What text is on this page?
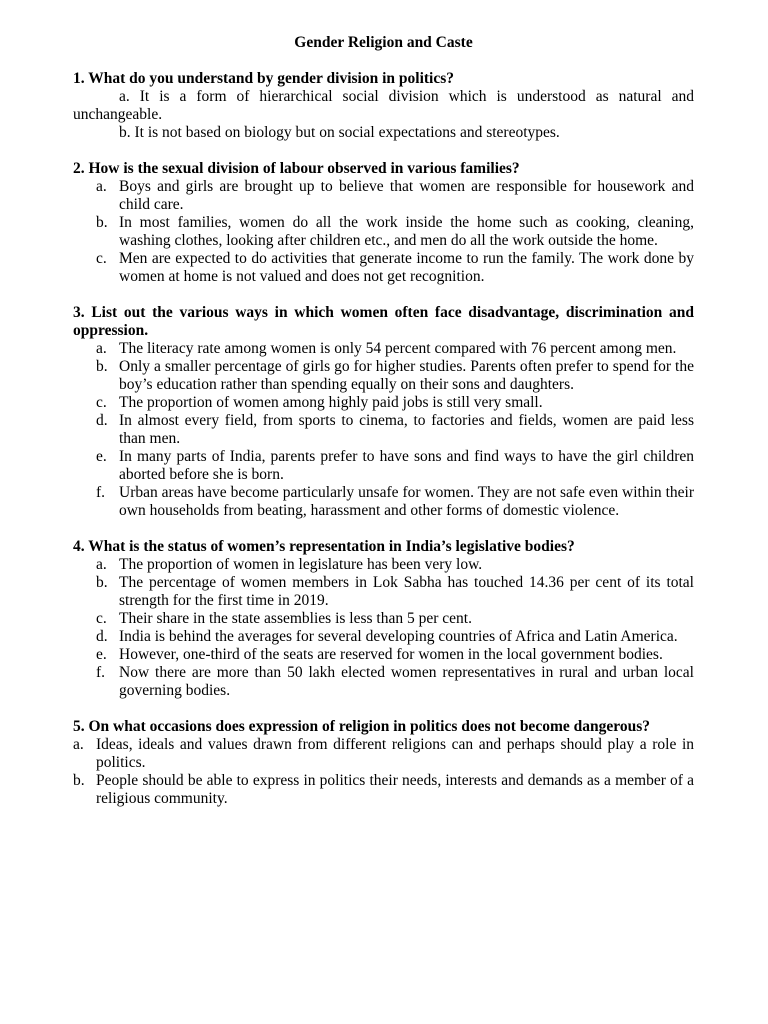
Gender Religion and Caste

1. What do you understand by gender division in politics?

a. It is a form of hierarchical social division which is understood as natural and unchangeable.

b. It is not based on biology but on social expectations and stereotypes.

2. How is the sexual division of labour observed in various families?

a. Boys and girls are brought up to believe that women are responsible for housework and child care.
b. In most families, women do all the work inside the home such as cooking, cleaning, washing clothes, looking after children etc., and men do all the work outside the home.
c. Men are expected to do activities that generate income to run the family. The work done by women at home is not valued and does not get recognition.

3. List out the various ways in which women often face disadvantage, discrimination and oppression.

a. The literacy rate among women is only 54 percent compared with 76 percent among men.
b. Only a smaller percentage of girls go for higher studies. Parents often prefer to spend for the boy’s education rather than spending equally on their sons and daughters.
c. The proportion of women among highly paid jobs is still very small.
d. In almost every field, from sports to cinema, to factories and fields, women are paid less than men.
e. In many parts of India, parents prefer to have sons and find ways to have the girl children aborted before she is born.
f. Urban areas have become particularly unsafe for women. They are not safe even within their own households from beating, harassment and other forms of domestic violence.

4. What is the status of women’s representation in India’s legislative bodies?

a. The proportion of women in legislature has been very low.
b. The percentage of women members in Lok Sabha has touched 14.36 per cent of its total strength for the first time in 2019.
c. Their share in the state assemblies is less than 5 per cent.
d. India is behind the averages for several developing countries of Africa and Latin America.
e. However, one-third of the seats are reserved for women in the local government bodies.
f. Now there are more than 50 lakh elected women representatives in rural and urban local governing bodies.

5. On what occasions does expression of religion in politics does not become dangerous?

a. Ideas, ideals and values drawn from different religions can and perhaps should play a role in politics.
b. People should be able to express in politics their needs, interests and demands as a member of a religious community.
